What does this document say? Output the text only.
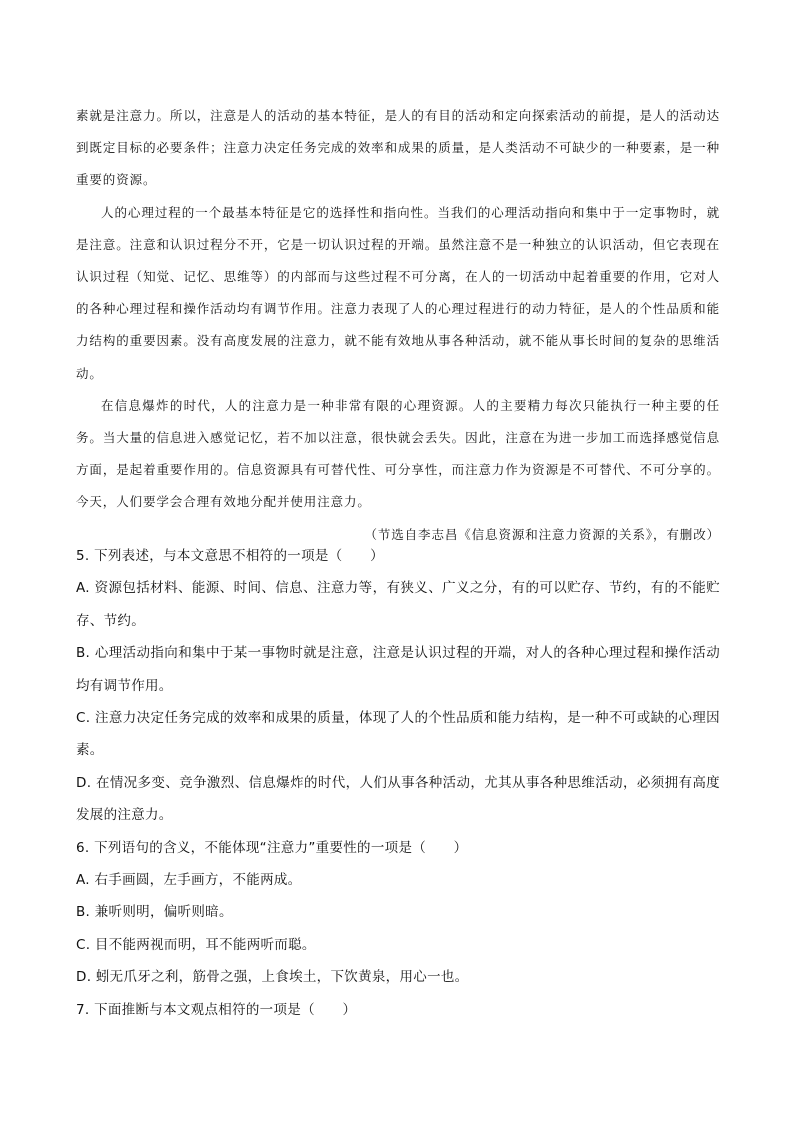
素就是注意力。所以，注意是人的活动的基本特征，是人的有目的活动和定向探索活动的前提，是人的活动达到既定目标的必要条件；注意力决定任务完成的效率和成果的质量，是人类活动不可缺少的一种要素，是一种重要的资源。

人的心理过程的一个最基本特征是它的选择性和指向性。当我们的心理活动指向和集中于一定事物时，就是注意。注意和认识过程分不开，它是一切认识过程的开端。虽然注意不是一种独立的认识活动，但它表现在认识过程（知觉、记忆、思维等）的内部而与这些过程不可分离，在人的一切活动中起着重要的作用，它对人的各种心理过程和操作活动均有调节作用。注意力表现了人的心理过程进行的动力特征，是人的个性品质和能力结构的重要因素。没有高度发展的注意力，就不能有效地从事各种活动，就不能从事长时间的复杂的思维活动。

在信息爆炸的时代，人的注意力是一种非常有限的心理资源。人的主要精力每次只能执行一种主要的任务。当大量的信息进入感觉记忆，若不加以注意，很快就会丢失。因此，注意在为进一步加工而选择感觉信息方面，是起着重要作用的。信息资源具有可替代性、可分享性，而注意力作为资源是不可替代、不可分享的。今天，人们要学会合理有效地分配并使用注意力。

（节选自李志昌《信息资源和注意力资源的关系》，有删改）

5. 下列表述，与本文意思不相符的一项是（　　）

A. 资源包括材料、能源、时间、信息、注意力等，有狭义、广义之分，有的可以贮存、节约，有的不能贮存、节约。

B. 心理活动指向和集中于某一事物时就是注意，注意是认识过程的开端，对人的各种心理过程和操作活动均有调节作用。

C. 注意力决定任务完成的效率和成果的质量，体现了人的个性品质和能力结构，是一种不可或缺的心理因素。

D. 在情况多变、竞争激烈、信息爆炸的时代，人们从事各种活动，尤其从事各种思维活动，必须拥有高度发展的注意力。

6. 下列语句的含义，不能体现“注意力”重要性的一项是（　　）

A. 右手画圆，左手画方，不能两成。

B. 兼听则明，偏听则暗。

C. 目不能两视而明，耳不能两听而聪。

D. 蚓无爪牙之利，筋骨之强，上食埃土，下饮黄泉，用心一也。

7. 下面推断与本文观点相符的一项是（　　）
